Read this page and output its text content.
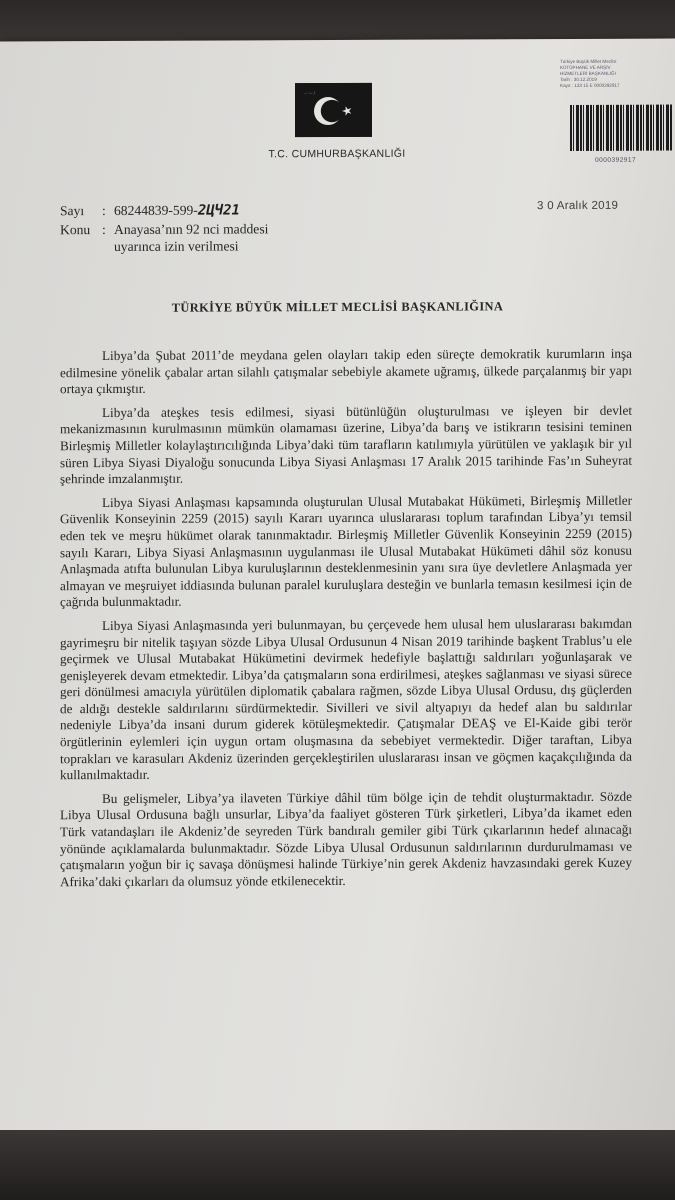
ㄧ〜ﾉ
T.C. CUMHURBAŞKANLIĞI
Türkiye Büyük Millet Meclisi
KÜTÜPHANE VE ARŞİV
HİZMETLERİ BAŞKANLIĞI
Tarih : 30.12.2019
Kayıt : 123 15 E 0000392917
0000392917
Sayı : 68244839-599-2ЦЧ21
Konu : Anayasa’nın 92 nci maddesi
uyarınca izin verilmesi
3 0 Aralık 2019
TÜRKİYE BÜYÜK MİLLET MECLİSİ BAŞKANLIĞINA

Libya’da Şubat 2011’de meydana gelen olayları takip eden süreçte demokratik kurumların inşa edilmesine yönelik çabalar artan silahlı çatışmalar sebebiyle akamete uğramış, ülkede parçalanmış bir yapı ortaya çıkmıştır.

Libya’da ateşkes tesis edilmesi, siyasi bütünlüğün oluşturulması ve işleyen bir devlet mekanizmasının kurulmasının mümkün olamaması üzerine, Libya’da barış ve istikrarın tesisini teminen Birleşmiş Milletler kolaylaştırıcılığında Libya’daki tüm tarafların katılımıyla yürütülen ve yaklaşık bir yıl süren Libya Siyasi Diyaloğu sonucunda Libya Siyasi Anlaşması 17 Aralık 2015 tarihinde Fas’ın Suheyrat şehrinde imzalanmıştır.

Libya Siyasi Anlaşması kapsamında oluşturulan Ulusal Mutabakat Hükümeti, Birleşmiş Milletler Güvenlik Konseyinin 2259 (2015) sayılı Kararı uyarınca uluslararası toplum tarafından Libya’yı temsil eden tek ve meşru hükümet olarak tanınmaktadır. Birleşmiş Milletler Güvenlik Konseyinin 2259 (2015) sayılı Kararı, Libya Siyasi Anlaşmasının uygulanması ile Ulusal Mutabakat Hükümeti dâhil söz konusu Anlaşmada atıfta bulunulan Libya kuruluşlarının desteklenmesinin yanı sıra üye devletlere Anlaşmada yer almayan ve meşruiyet iddiasında bulunan paralel kuruluşlara desteğin ve bunlarla temasın kesilmesi için de çağrıda bulunmaktadır.

Libya Siyasi Anlaşmasında yeri bulunmayan, bu çerçevede hem ulusal hem uluslararası bakımdan gayrimeşru bir nitelik taşıyan sözde Libya Ulusal Ordusunun 4 Nisan 2019 tarihinde başkent Trablus’u ele geçirmek ve Ulusal Mutabakat Hükümetini devirmek hedefiyle başlattığı saldırıları yoğunlaşarak ve genişleyerek devam etmektedir. Libya’da çatışmaların sona erdirilmesi, ateşkes sağlanması ve siyasi sürece geri dönülmesi amacıyla yürütülen diplomatik çabalara rağmen, sözde Libya Ulusal Ordusu, dış güçlerden de aldığı destekle saldırılarını sürdürmektedir. Sivilleri ve sivil altyapıyı da hedef alan bu saldırılar nedeniyle Libya’da insani durum giderek kötüleşmektedir. Çatışmalar DEAŞ ve El-Kaide gibi terör örgütlerinin eylemleri için uygun ortam oluşmasına da sebebiyet vermektedir. Diğer taraftan, Libya toprakları ve karasuları Akdeniz üzerinden gerçekleştirilen uluslararası insan ve göçmen kaçakçılığında da kullanılmaktadır.

Bu gelişmeler, Libya’ya ilaveten Türkiye dâhil tüm bölge için de tehdit oluşturmaktadır. Sözde Libya Ulusal Ordusuna bağlı unsurlar, Libya’da faaliyet gösteren Türk şirketleri, Libya’da ikamet eden Türk vatandaşları ile Akdeniz’de seyreden Türk bandıralı gemiler gibi Türk çıkarlarının hedef alınacağı yönünde açıklamalarda bulunmaktadır. Sözde Libya Ulusal Ordusunun saldırılarının durdurulmaması ve çatışmaların yoğun bir iç savaşa dönüşmesi halinde Türkiye’nin gerek Akdeniz havzasındaki gerek Kuzey Afrika’daki çıkarları da olumsuz yönde etkilenecektir.
